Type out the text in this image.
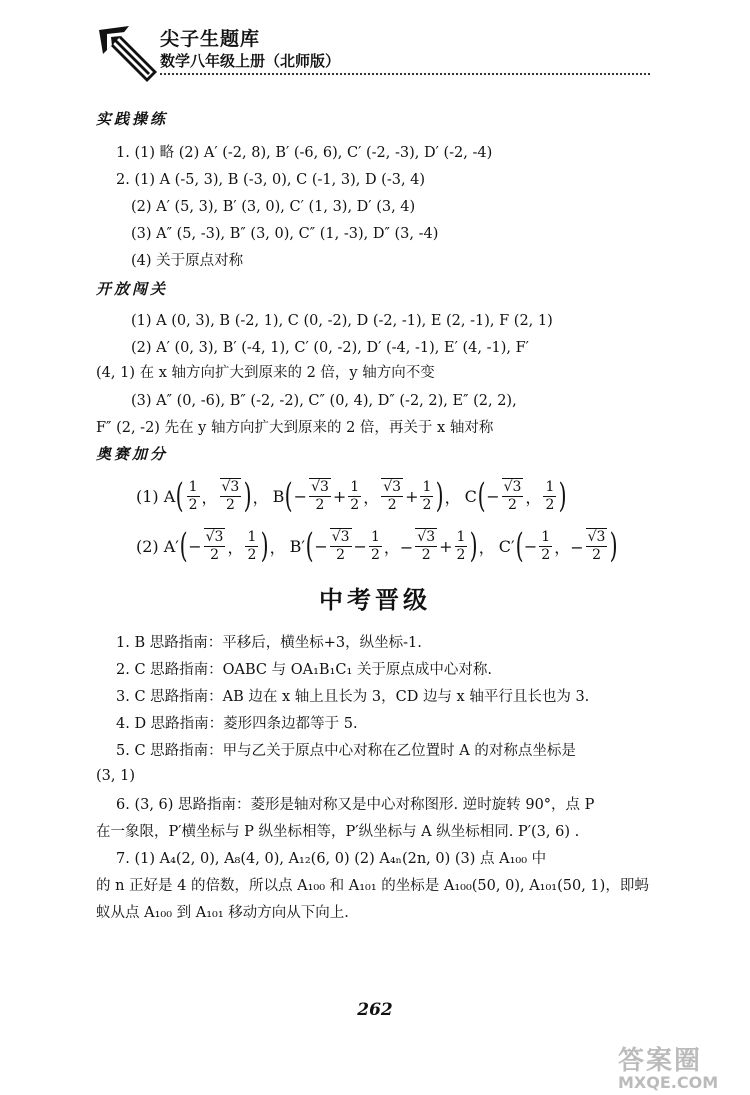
尖子生题库
数学八年级上册（北师版）
实践操练
1. (1) 略 (2) A′ (-2, 8), B′ (-6, 6), C′ (-2, -3), D′ (-2, -4)
2. (1) A (-5, 3), B (-3, 0), C (-1, 3), D (-3, 4)
(2) A′ (5, 3), B′ (3, 0), C′ (1, 3), D′ (3, 4)
(3) A″ (5, -3), B″ (3, 0), C″ (1, -3), D″ (3, -4)
(4) 关于原点对称
开放闯关
(1) A (0, 3), B (-2, 1), C (0, -2), D (-2, -1), E (2, -1), F (2, 1)
(2) A′ (0, 3), B′ (-4, 1), C′ (0, -2), D′ (-4, -1), E′ (4, -1), F′
(4, 1) 在 x 轴方向扩大到原来的 2 倍，y 轴方向不变
(3) A″ (0, -6), B″ (-2, -2), C″ (0, 4), D″ (-2, 2), E″ (2, 2),
F″ (2, -2) 先在 y 轴方向扩大到原来的 2 倍，再关于 x 轴对称
奥赛加分
(1) A ( $\frac{1}{2}$ ， $\frac{√3}{2}$ ) ， B ( − $\frac{√3}{2} + \frac{1}{2}$ ， $\frac{√3}{2} + \frac{1}{2}$ ) ， C ( − $\frac{√3}{2}$ ， $\frac{1}{2}$ )
(2) A′ ( − $\frac{√3}{2}$ ， $\frac{1}{2}$ ) ， B′ ( − $\frac{√3}{2} - \frac{1}{2}$ ，− $\frac{√3}{2} + \frac{1}{2}$ ) ， C′ ( − $\frac{1}{2}$ ，− $\frac{√3}{2}$ )
中考晋级
1. B 思路指南：平移后，横坐标+3，纵坐标-1.
2. C 思路指南：OABC 与 OA₁B₁C₁ 关于原点成中心对称.
3. C 思路指南：AB 边在 x 轴上且长为 3，CD 边与 x 轴平行且长也为 3.
4. D 思路指南：菱形四条边都等于 5.
5. C 思路指南：甲与乙关于原点中心对称在乙位置时 A 的对称点坐标是
(3, 1)
6. (3, 6) 思路指南：菱形是轴对称又是中心对称图形. 逆时旋转 90°，点 P
在一象限，P′横坐标与 P 纵坐标相等，P′纵坐标与 A 纵坐标相同. P′(3, 6) .
7. (1) A₄(2, 0), A₈(4, 0), A₁₂(6, 0) (2) A₄ₙ(2n, 0) (3) 点 A₁₀₀ 中
的 n 正好是 4 的倍数，所以点 A₁₀₀ 和 A₁₀₁ 的坐标是 A₁₀₀(50, 0), A₁₀₁(50, 1)，即蚂
蚁从点 A₁₀₀ 到 A₁₀₁ 移动方向从下向上.
262
答案圈
MXQE.COM
